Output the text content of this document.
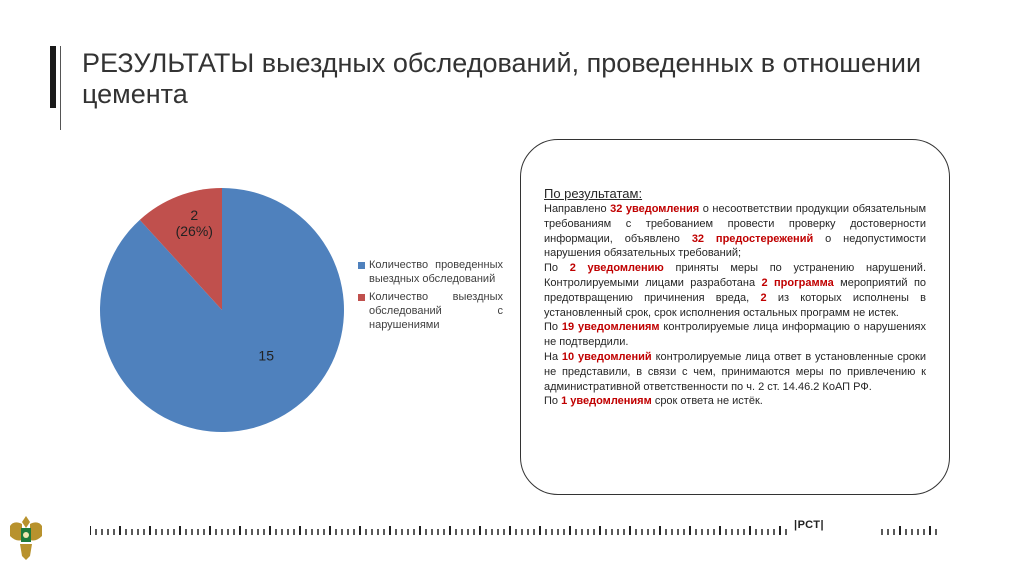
РЕЗУЛЬТАТЫ выездных обследований, проведенных в отношении цемента
15
2
(26%)
Количество проведенных выездных обследований
Количество выездных обследований с нарушениями
По результатам:
Направлено 32 уведомления о несоответствии продукции обязательным требованиям с требованием провести проверку достоверности информации, объявлено 32 предостережений о недопустимости нарушения обязательных требований;
По 2 уведомлению приняты меры по устранению нарушений. Контролируемыми лицами разработана 2 программа мероприятий по предотвращению причинения вреда, 2 из которых исполнены в установленный срок, срок исполнения остальных программ не истек.
По 19 уведомлениям контролируемые лица информацию о нарушениях не подтвердили.
На 10 уведомлений контролируемые лица ответ в установленные сроки не представили, в связи с чем, принимаются меры по привлечению к административной ответственности по ч. 2 ст. 14.46.2 КоАП РФ.
По 1 уведомлениям срок ответа не истёк.
|РСТ|
